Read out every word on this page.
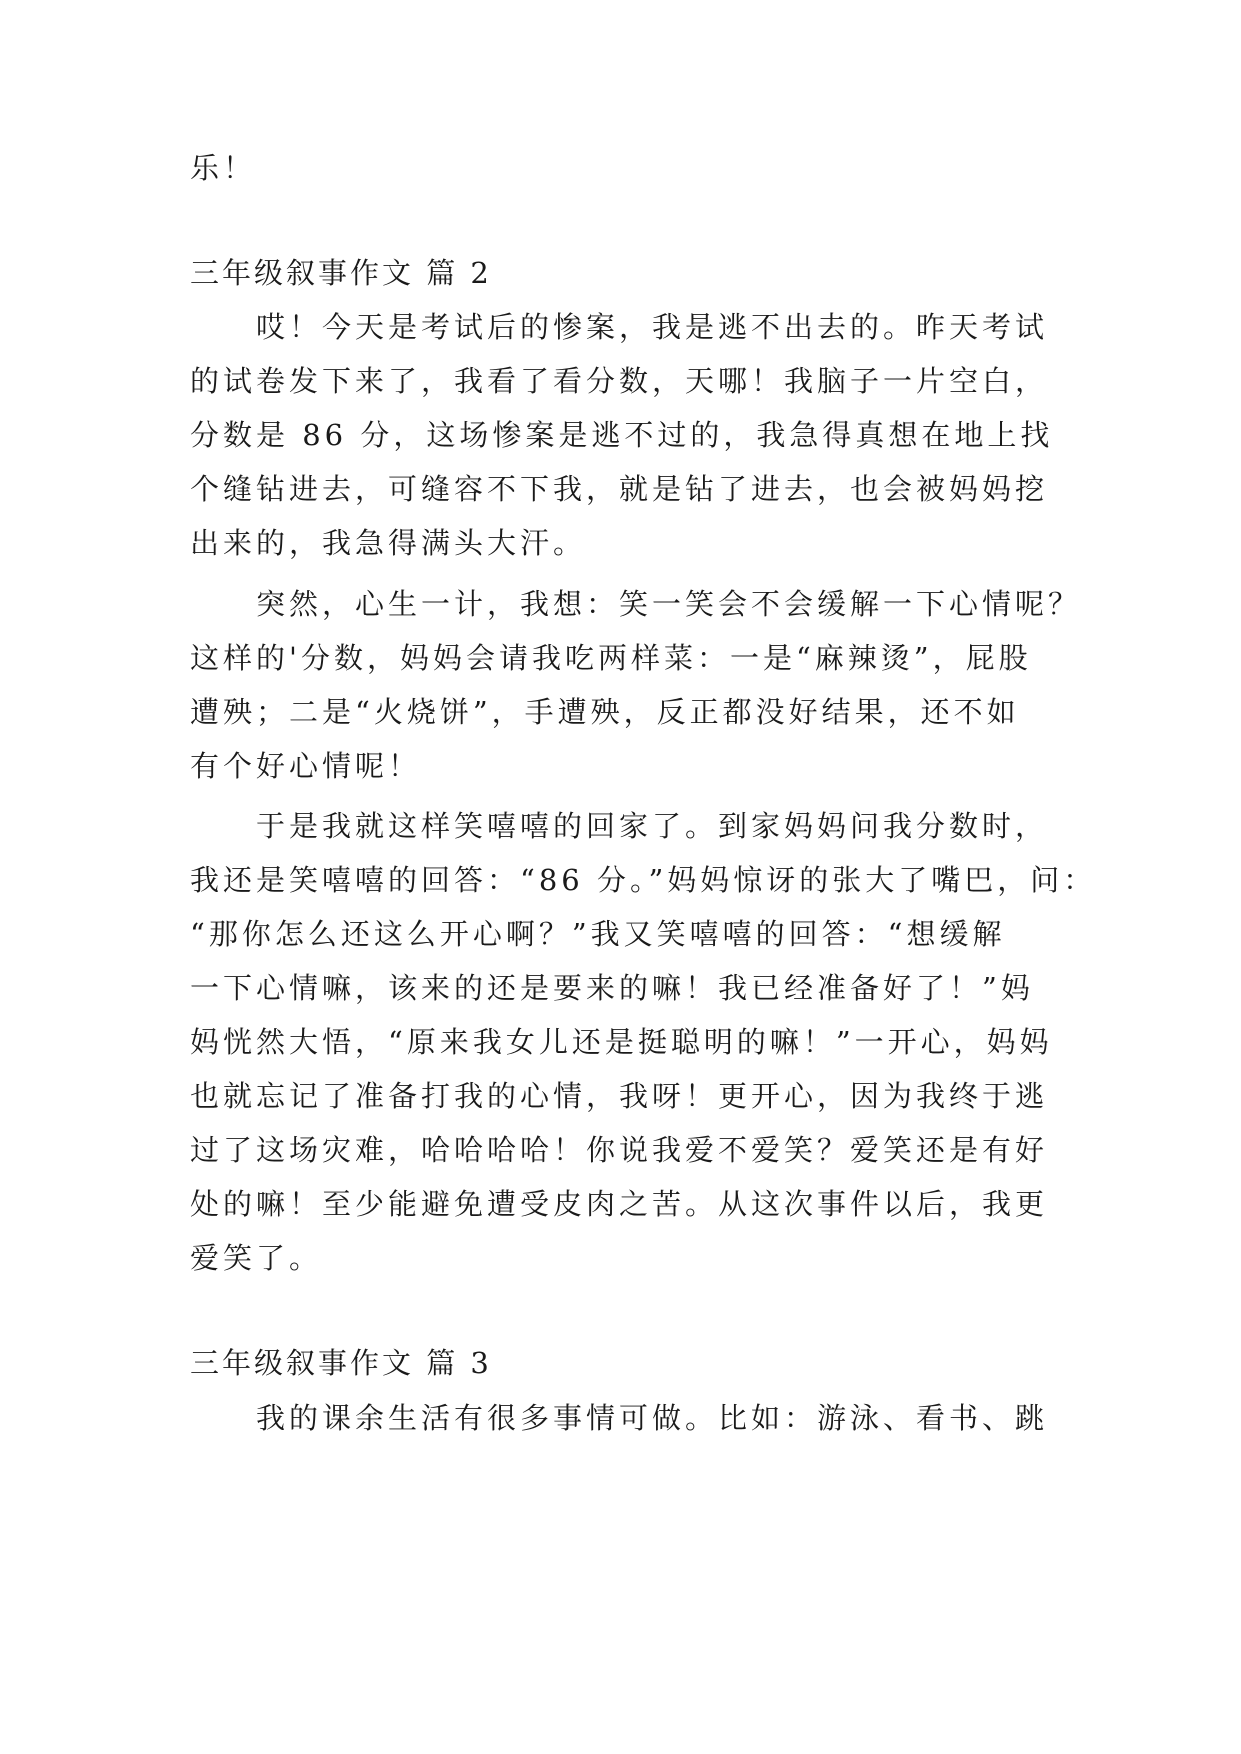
乐！
三年级叙事作文 篇 2
　　哎！今天是考试后的惨案，我是逃不出去的。昨天考试
的试卷发下来了，我看了看分数，天哪！我脑子一片空白，
分数是 86 分，这场惨案是逃不过的，我急得真想在地上找
个缝钻进去，可缝容不下我，就是钻了进去，也会被妈妈挖
出来的，我急得满头大汗。
　　突然，心生一计，我想：笑一笑会不会缓解一下心情呢？
这样的'分数，妈妈会请我吃两样菜：一是“麻辣烫”，屁股
遭殃；二是“火烧饼”，手遭殃，反正都没好结果，还不如
有个好心情呢！
　　于是我就这样笑嘻嘻的回家了。到家妈妈问我分数时，
我还是笑嘻嘻的回答：“86 分。”妈妈惊讶的张大了嘴巴，问：
“那你怎么还这么开心啊？”我又笑嘻嘻的回答：“想缓解
一下心情嘛，该来的还是要来的嘛！我已经准备好了！”妈
妈恍然大悟，“原来我女儿还是挺聪明的嘛！”一开心，妈妈
也就忘记了准备打我的心情，我呀！更开心，因为我终于逃
过了这场灾难，哈哈哈哈！你说我爱不爱笑？爱笑还是有好
处的嘛！至少能避免遭受皮肉之苦。从这次事件以后，我更
爱笑了。
三年级叙事作文 篇 3
　　我的课余生活有很多事情可做。比如：游泳、看书、跳
